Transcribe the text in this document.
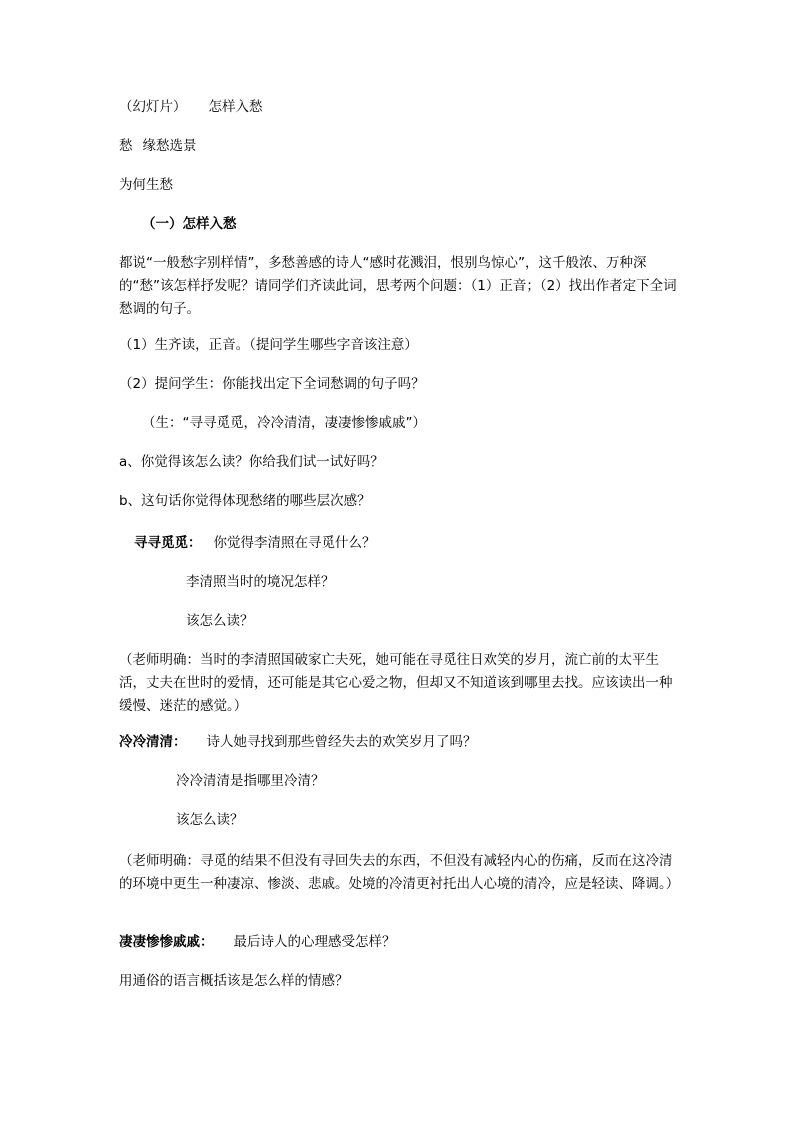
（幻灯片） 怎样入愁
愁 缘愁选景
为何生愁
（一）怎样入愁
都说“一般愁字别样情”，多愁善感的诗人“感时花溅泪，恨别鸟惊心”，这千般浓、万种深的“愁”该怎样抒发呢？请同学们齐读此词，思考两个问题：（1）正音；（2）找出作者定下全词愁调的句子。
（1）生齐读，正音。（提问学生哪些字音该注意）
（2）提问学生：你能找出定下全词愁调的句子吗？
（生：“寻寻觅觅，冷冷清清，凄凄惨惨戚戚”）
a、你觉得该怎么读？你给我们试一试好吗？
b、这句话你觉得体现愁绪的哪些层次感？
寻寻觅觅： 你觉得李清照在寻觅什么？
李清照当时的境况怎样？
该怎么读？
（老师明确：当时的李清照国破家亡夫死，她可能在寻觅往日欢笑的岁月，流亡前的太平生活，丈夫在世时的爱情，还可能是其它心爱之物，但却又不知道该到哪里去找。应该读出一种缓慢、迷茫的感觉。）
冷冷清清： 诗人她寻找到那些曾经失去的欢笑岁月了吗？
冷冷清清是指哪里冷清？
该怎么读？
（老师明确：寻觅的结果不但没有寻回失去的东西，不但没有减轻内心的伤痛，反而在这冷清的环境中更生一种凄凉、惨淡、悲戚。处境的冷清更衬托出人心境的清冷，应是轻读、降调。）
凄凄惨惨戚戚： 最后诗人的心理感受怎样？
用通俗的语言概括该是怎么样的情感？
